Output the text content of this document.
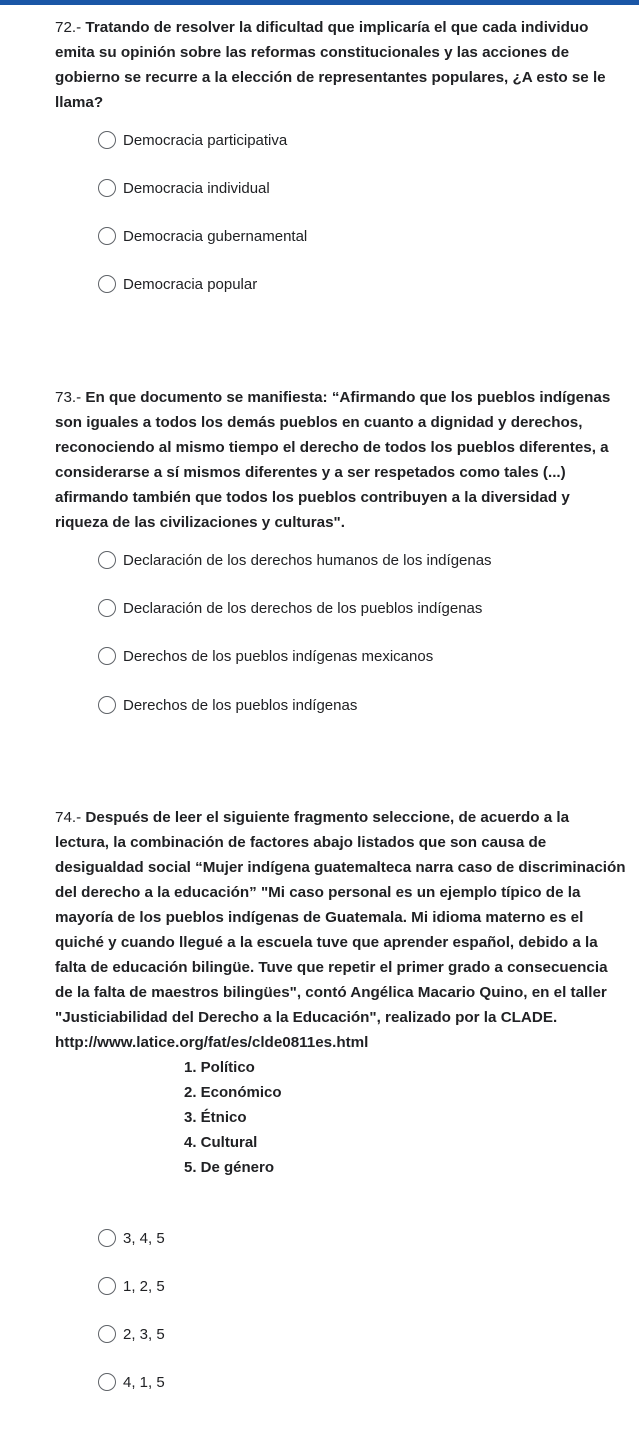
72.- Tratando de resolver la dificultad que implicaría el que cada individuo emita su opinión sobre las reformas constitucionales y las acciones de gobierno se recurre a la elección de representantes populares, ¿A esto se le llama?
Democracia participativa
Democracia individual
Democracia gubernamental
Democracia popular
73.- En que documento se manifiesta: “Afirmando que los pueblos indígenas son iguales a todos los demás pueblos en cuanto a dignidad y derechos, reconociendo al mismo tiempo el derecho de todos los pueblos diferentes, a considerarse a sí mismos diferentes y a ser respetados como tales (...) afirmando también que todos los pueblos contribuyen a la diversidad y riqueza de las civilizaciones y culturas".
Declaración de los derechos humanos de los indígenas
Declaración de los derechos de los pueblos indígenas
Derechos de los pueblos indígenas mexicanos
Derechos de los pueblos indígenas
74.- Después de leer el siguiente fragmento seleccione, de acuerdo a la lectura, la combinación de factores abajo listados que son causa de desigualdad social “Mujer indígena guatemalteca narra caso de discriminación del derecho a la educación” "Mi caso personal es un ejemplo típico de la mayoría de los pueblos indígenas de Guatemala. Mi idioma materno es el quiché y cuando llegué a la escuela tuve que aprender español, debido a la falta de educación bilingüe. Tuve que repetir el primer grado a consecuencia de la falta de maestros bilingües", contó Angélica Macario Quino, en el taller "Justiciabilidad del Derecho a la Educación", realizado por la CLADE. http://www.latice.org/fat/es/clde0811es.html
1. Político
2. Económico
3. Étnico
4. Cultural
5. De género
3, 4, 5
1, 2, 5
2, 3, 5
4, 1, 5
